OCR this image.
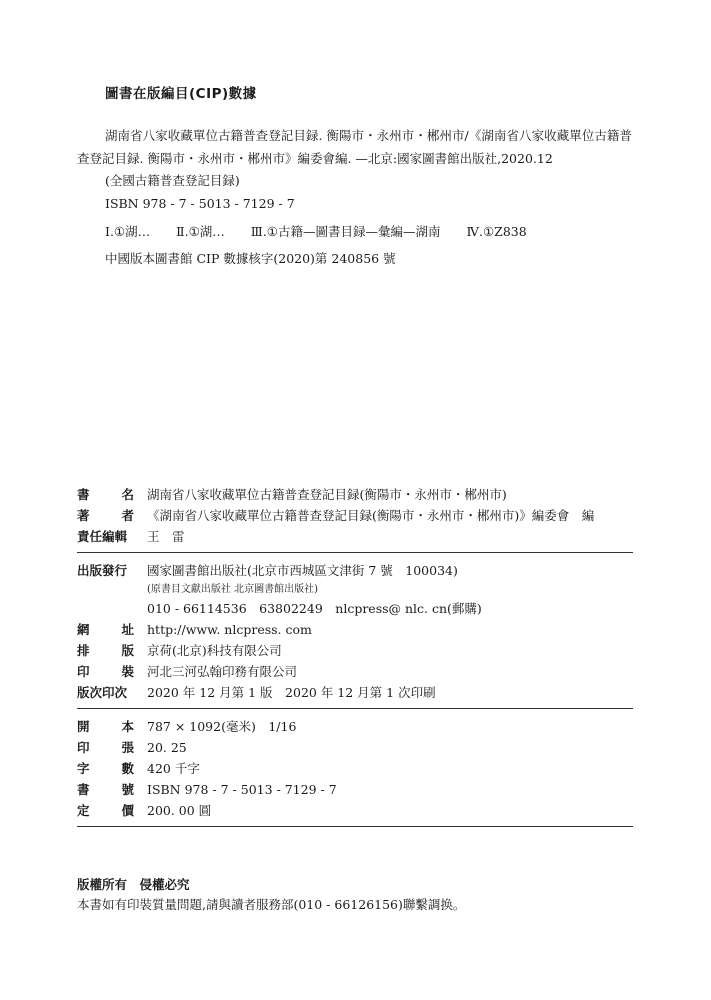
圖書在版編目(CIP)數據

湖南省八家收藏單位古籍普查登記目録. 衡陽市・永州市・郴州市/《湖南省八家收藏單位古籍普查登記目録. 衡陽市・永州市・郴州市》編委會編. —北京:國家圖書館出版社,2020.12

(全國古籍普查登記目録)

ISBN 978 - 7 - 5013 - 7129 - 7

Ⅰ.①湖… Ⅱ.①湖… Ⅲ.①古籍—圖書目録—彙編—湖南 Ⅳ.①Z838

中國版本圖書館 CIP 數據核字(2020)第 240856 號

書	名 湖南省八家收藏單位古籍普查登記目録(衡陽市・永州市・郴州市)
著	者 《湖南省八家收藏單位古籍普查登記目録(衡陽市・永州市・郴州市)》編委會　編
責任編輯	王　雷
出版發行	國家圖書館出版社(北京市西城區文津街 7 號　100034)
(原書目文獻出版社 北京圖書館出版社)
010 - 66114536　63802249　nlcpress@ nlc. cn(郵購)
網	址 http://www. nlcpress. com
排	版 京荷(北京)科技有限公司
印	裝 河北三河弘翰印務有限公司
版次印次	2020 年 12 月第 1 版　2020 年 12 月第 1 次印刷
開	本 787 × 1092(毫米)　1/16
印	張 20. 25
字	數 420 千字
書	號 ISBN 978 - 7 - 5013 - 7129 - 7
定	價 200. 00 圓
版權所有　侵權必究
本書如有印裝質量問題,請與讀者服務部(010 - 66126156)聯繫調换。
